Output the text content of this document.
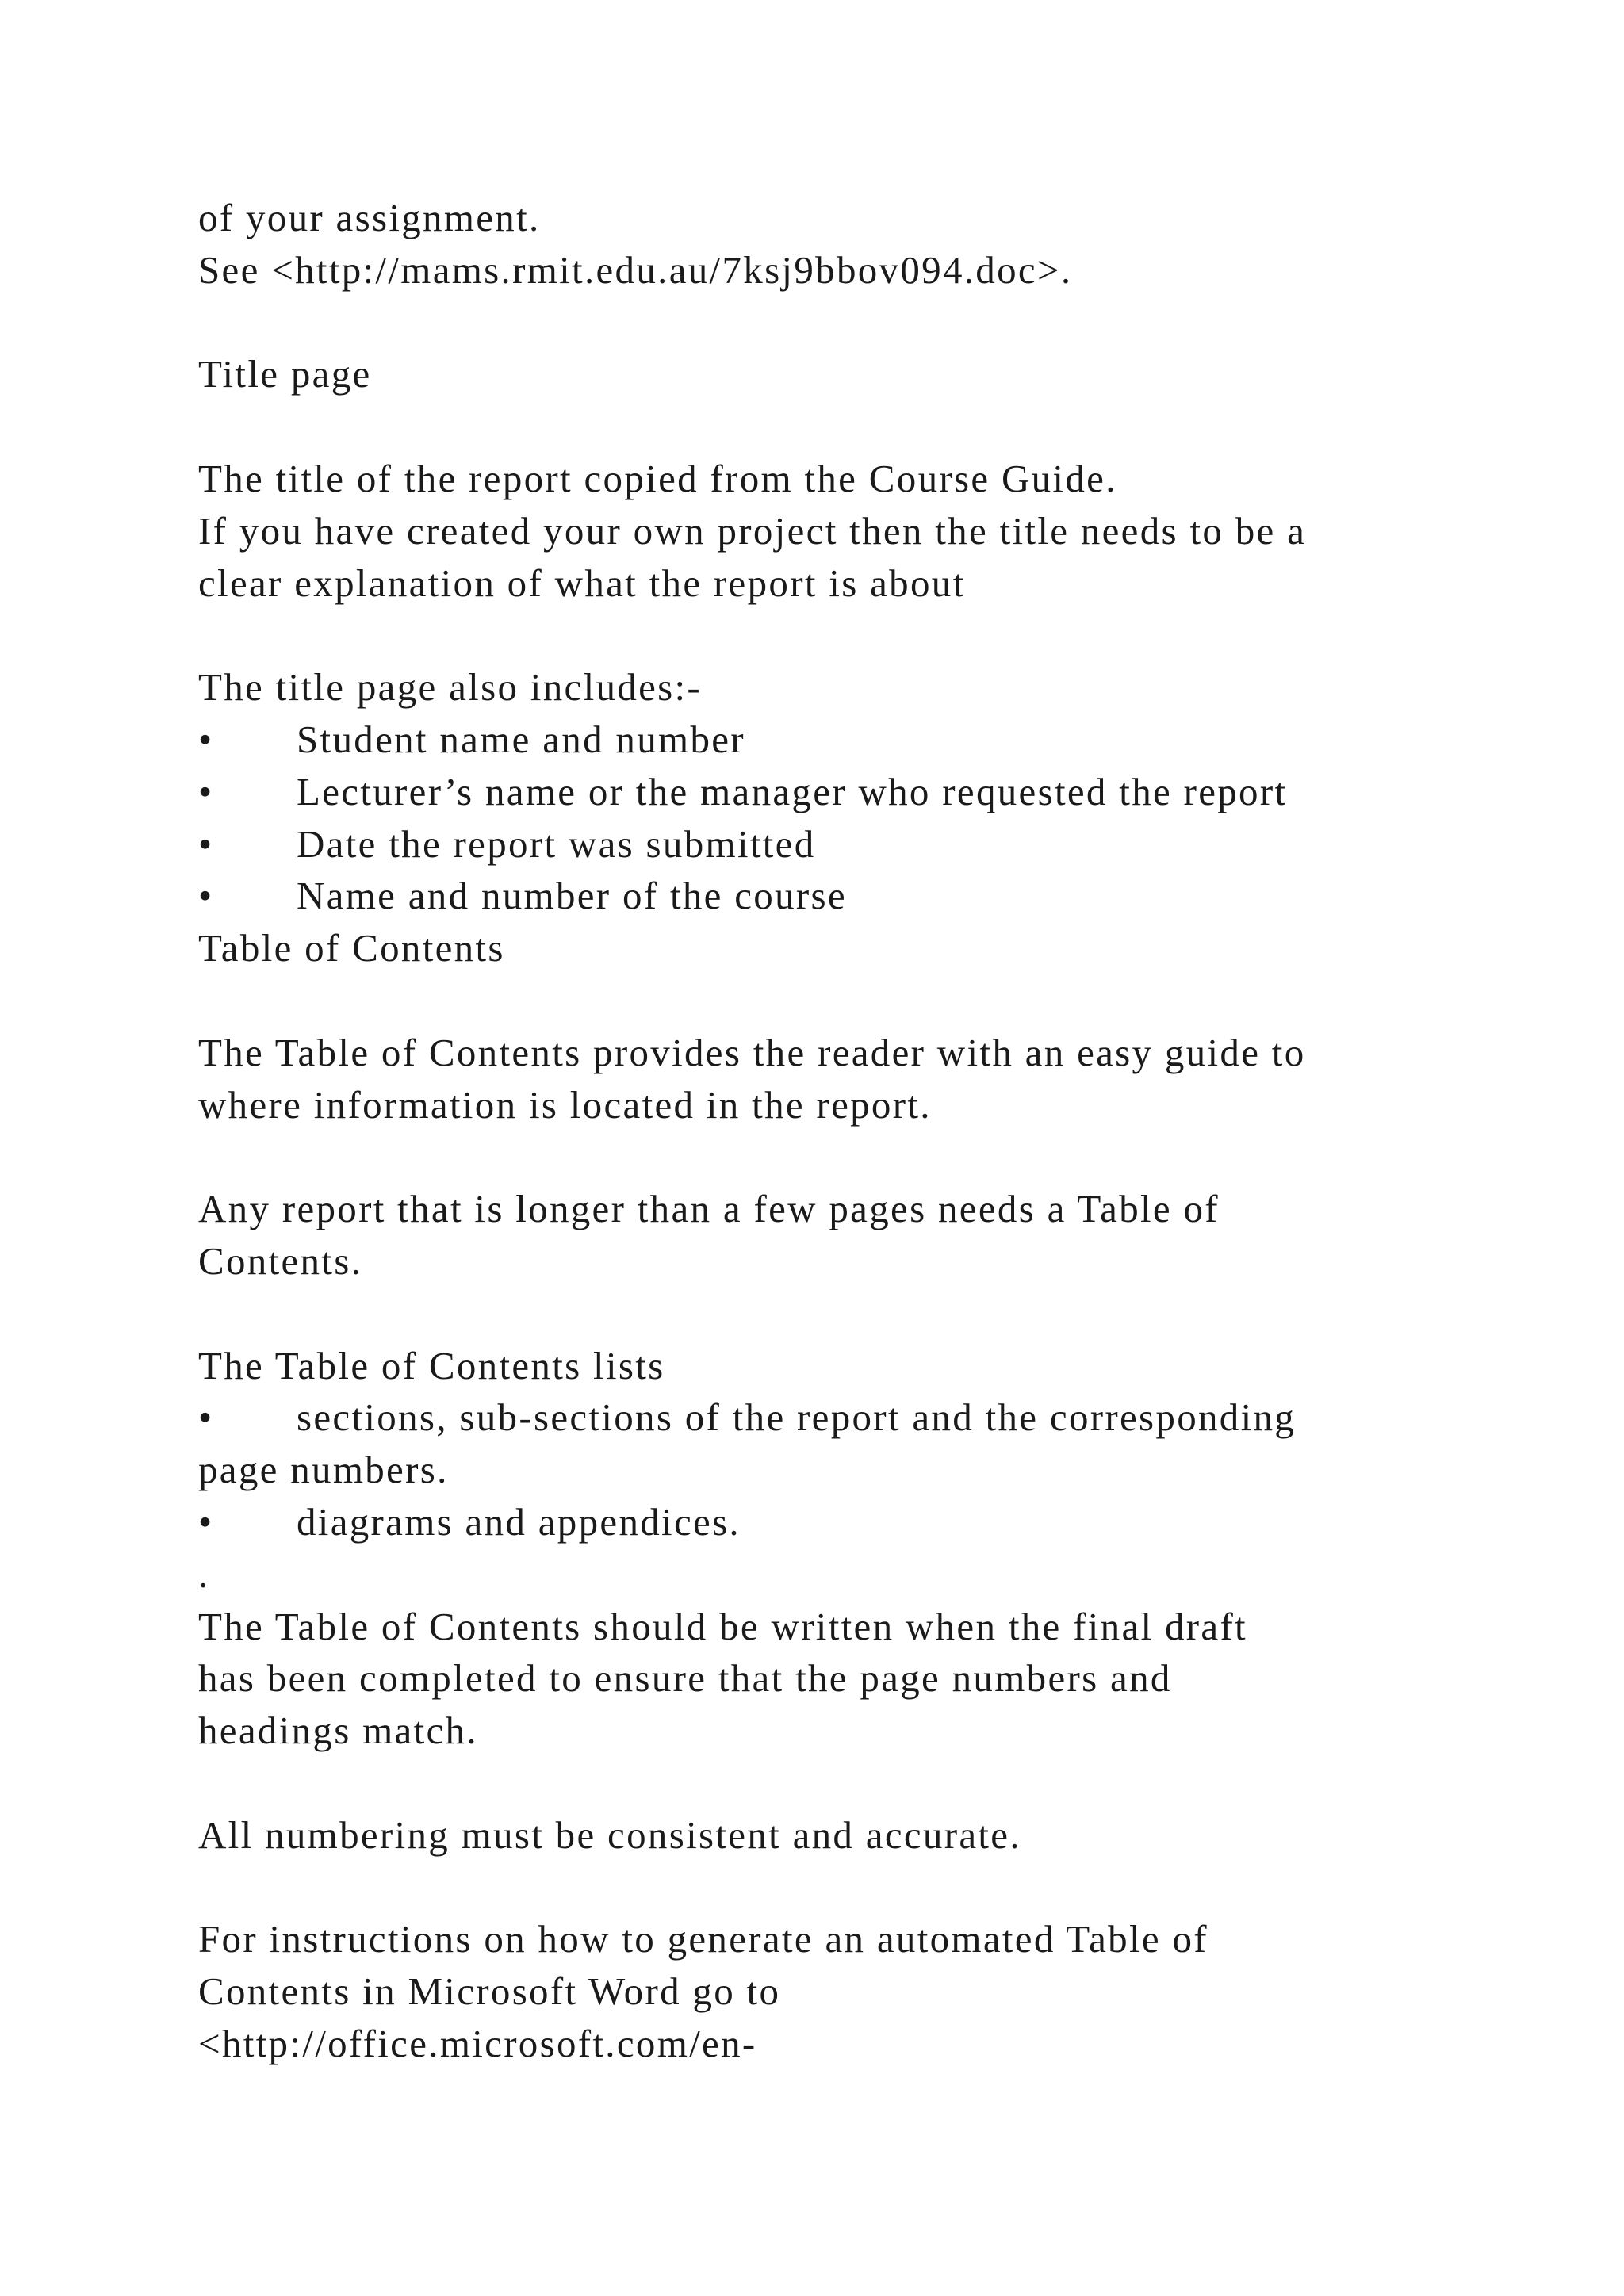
of your assignment.
See <http://mams.rmit.edu.au/7ksj9bbov094.doc>.
Title page
The title of the report copied from the Course Guide.
If you have created your own project then the title needs to be a
clear explanation of what the report is about
The title page also includes:-
•	Student name and number
•	Lecturer’s name or the manager who requested the report
•	Date the report was submitted
•	Name and number of the course
Table of Contents
The Table of Contents provides the reader with an easy guide to
where information is located in the report.
Any report that is longer than a few pages needs a Table of
Contents.
The Table of Contents lists
•	sections, sub-sections of the report and the corresponding
page numbers.
•	diagrams and appendices.
.
The Table of Contents should be written when the final draft
has been completed to ensure that the page numbers and
headings match.
All numbering must be consistent and accurate.
For instructions on how to generate an automated Table of
Contents in Microsoft Word go to
<http://office.microsoft.com/en-
